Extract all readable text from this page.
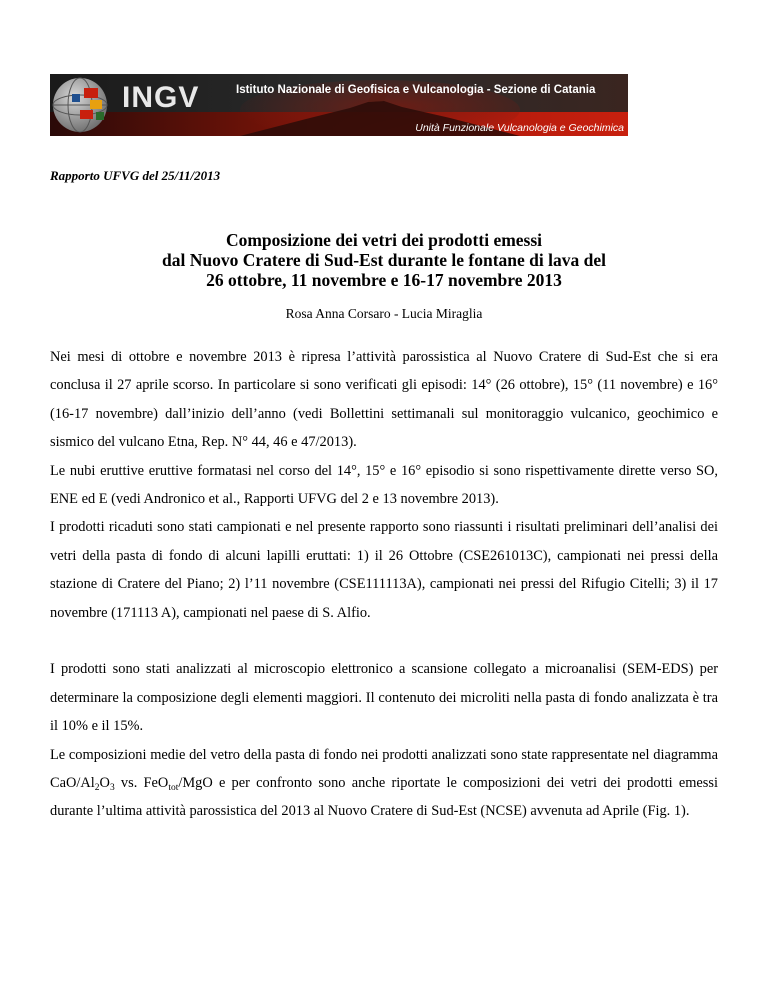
INGV	Istituto Nazionale di Geofisica e Vulcanologia - Sezione di Catania
Unità Funzionale Vulcanologia e Geochimica
Rapporto UFVG del 25/11/2013
Composizione dei vetri dei prodotti emessi
dal Nuovo Cratere di Sud-Est durante le fontane di lava del
26 ottobre, 11 novembre e 16-17 novembre 2013
Rosa Anna Corsaro - Lucia Miraglia

Nei mesi di ottobre e novembre 2013 è ripresa l’attività parossistica al Nuovo Cratere di Sud-Est che si era conclusa il 27 aprile scorso. In particolare si sono verificati gli episodi: 14° (26 ottobre), 15° (11 novembre) e 16° (16-17 novembre) dall’inizio dell’anno (vedi Bollettini settimanali sul monitoraggio vulcanico, geochimico e sismico del vulcano Etna, Rep. N° 44, 46 e 47/2013).

Le nubi eruttive eruttive formatasi nel corso del 14°, 15° e 16° episodio si sono rispettivamente dirette verso SO, ENE ed E (vedi Andronico et al., Rapporti UFVG del 2 e 13 novembre 2013).

I prodotti ricaduti sono stati campionati e nel presente rapporto sono riassunti i risultati preliminari dell’analisi dei vetri della pasta di fondo di alcuni lapilli eruttati: 1) il 26 Ottobre (CSE261013C), campionati nei pressi della stazione di Cratere del Piano; 2) l’11 novembre (CSE111113A), campionati nei pressi del Rifugio Citelli; 3) il 17 novembre (171113 A), campionati nel paese di S. Alfio.

I prodotti sono stati analizzati al microscopio elettronico a scansione collegato a microanalisi (SEM-EDS) per determinare la composizione degli elementi maggiori. Il contenuto dei microliti nella pasta di fondo analizzata è tra il 10% e il 15%.

Le composizioni medie del vetro della pasta di fondo nei prodotti analizzati sono state rappresentate nel diagramma CaO/$Al_2O_3$ vs. FeO$_{tot}$/MgO e per confronto sono anche riportate le composizioni dei vetri dei prodotti emessi durante l’ultima attività parossistica del 2013 al Nuovo Cratere di Sud-Est (NCSE) avvenuta ad Aprile (Fig. 1).
